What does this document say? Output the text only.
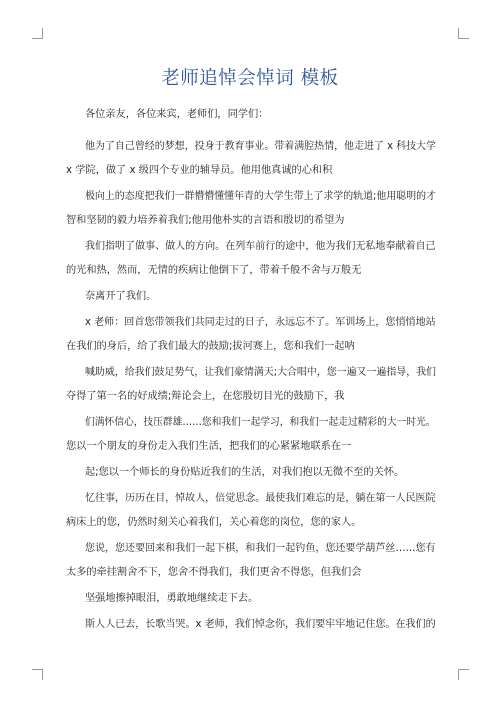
老师追悼会悼词 模板
各位亲友，各位来宾，老师们，同学们：
他为了自己曾经的梦想，投身于教育事业。带着满腔热情，他走进了 x 科技大学
x 学院，做了 x 级四个专业的辅导员。他用他真诚的心和积
极向上的态度把我们一群懵懵懂懂年青的大学生带上了求学的轨道;他用聪明的才
智和坚韧的毅力培养着我们;他用他朴实的言语和殷切的希望为
我们指明了做事、做人的方向。在列车前行的途中，他为我们无私地奉献着自己
的光和热，然而，无情的疾病让他倒下了，带着千般不舍与万般无
奈离开了我们。
x 老师：回首您带领我们共同走过的日子，永远忘不了。军训场上，您悄悄地站
在我们的身后，给了我们最大的鼓励;拔河赛上，您和我们一起呐
喊助威，给我们鼓足势气，让我们豪情满天;大合唱中，您一遍又一遍指导，我们
夺得了第一名的好成绩;辩论会上，在您殷切目光的鼓励下，我
们满怀信心，技压群雄……您和我们一起学习，和我们一起走过精彩的大一时光。
您以一个朋友的身份走入我们生活，把我们的心紧紧地联系在一
起;您以一个师长的身份贴近我们的生活，对我们抱以无微不至的关怀。
忆往事，历历在目，悼故人，倍觉思念。最使我们难忘的是，躺在第一人民医院
病床上的您，仍然时刻关心着我们，关心着您的岗位，您的家人。
您说，您还要回来和我们一起下棋，和我们一起钓鱼，您还要学葫芦丝……您有
太多的牵挂割舍不下，您舍不得我们，我们更舍不得您，但我们会
坚强地擦掉眼泪，勇敢地继续走下去。
斯人人已去，长歌当哭。x 老师，我们悼念你，我们要牢牢地记住您。在我们的
